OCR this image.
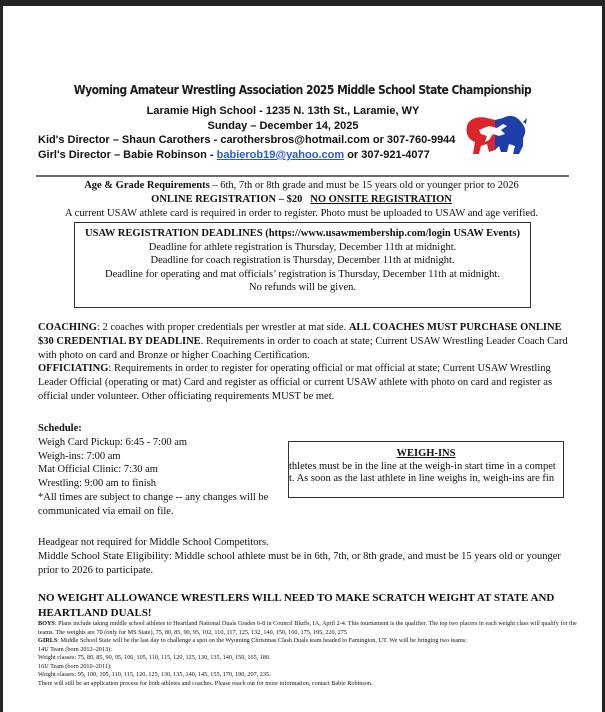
Wyoming Amateur Wrestling Association 2025 Middle School State Championship
Laramie High School - 1235 N. 13th St., Laramie, WY
Sunday – December 14, 2025
Kid's Director – Shaun Carothers - carothersbros@hotmail.com or 307-760-9944
Girl's Director – Babie Robinson - babierob19@yahoo.com or 307-921-4077
Age & Grade Requirements – 6th, 7th or 8th grade and must be 15 years old or younger prior to 2026
ONLINE REGISTRATION – $20 NO ONSITE REGISTRATION
A current USAW athlete card is required in order to register. Photo must be uploaded to USAW and age verified.
USAW REGISTRATION DEADLINES (https://www.usawmembership.com/login USAW Events)
Deadline for athlete registration is Thursday, December 11th at midnight.
Deadline for coach registration is Thursday, December 11th at midnight.
Deadline for operating and mat officials’ registration is Thursday, December 11th at midnight.
No refunds will be given.
COACHING: 2 coaches with proper credentials per wrestler at mat side. ALL COACHES MUST PURCHASE ONLINE $30 CREDENTIAL BY DEADLINE. Requirements in order to coach at state; Current USAW Wrestling Leader Coach Card with photo on card and Bronze or higher Coaching Certification.
OFFICIATING: Requirements in order to register for operating official or mat official at state; Current USAW Wrestling Leader Official (operating or mat) Card and register as official or current USAW athlete with photo on card and register as official under volunteer. Other officiating requirements MUST be met.
Schedule:
Weigh Card Pickup: 6:45 - 7:00 am
Weigh-ins: 7:00 am
Mat Official Clinic: 7:30 am
Wrestling: 9:00 am to finish
*All times are subject to change -- any changes will be communicated via email on file.
WEIGH-INS
thletes must be in the line at the weigh-in start time in a compet
t. As soon as the last athlete in line weighs in, weigh-ins are fin
Headgear not required for Middle School Competitors.
Middle School State Eligibility: Middle school athlete must be in 6th, 7th, or 8th grade, and must be 15 years old or younger prior to 2026 to participate.
NO WEIGHT ALLOWANCE WRESTLERS WILL NEED TO MAKE SCRATCH WEIGHT AT STATE AND HEARTLAND DUALS!
BOYS: Plans include taking middle school athletes to Heartland National Duals Grades 6-8 in Council Bluffs, IA, April 2-4. This tournament is the qualifier. The top two placers in each weight class will qualify for the teams. The weights are 70 (only for MS State), 75, 80, 85, 90, 95, 102, 110, 117, 125, 132, 140, 150, 160, 175, 195, 220, 275
GIRLS: Middle School State will be the last day to challenge a spot on the Wyoming Christmas Clash Duals team headed to Famington, UT. We will be bringing two teams:
14U Team (born 2012–2013):
Weight classes: 75, 80, 85, 90, 95, 100, 105, 110, 115, 120, 125, 130, 135, 140, 150, 165, 180.
16U Team (born 2010–2011):
Weight classes: 95, 100, 105, 110, 115, 120, 125, 130, 135, 140, 145, 155, 170, 190, 207, 235.
There will still be an application process for both athletes and coaches. Please reach out for more information, contact Babie Robinson.
